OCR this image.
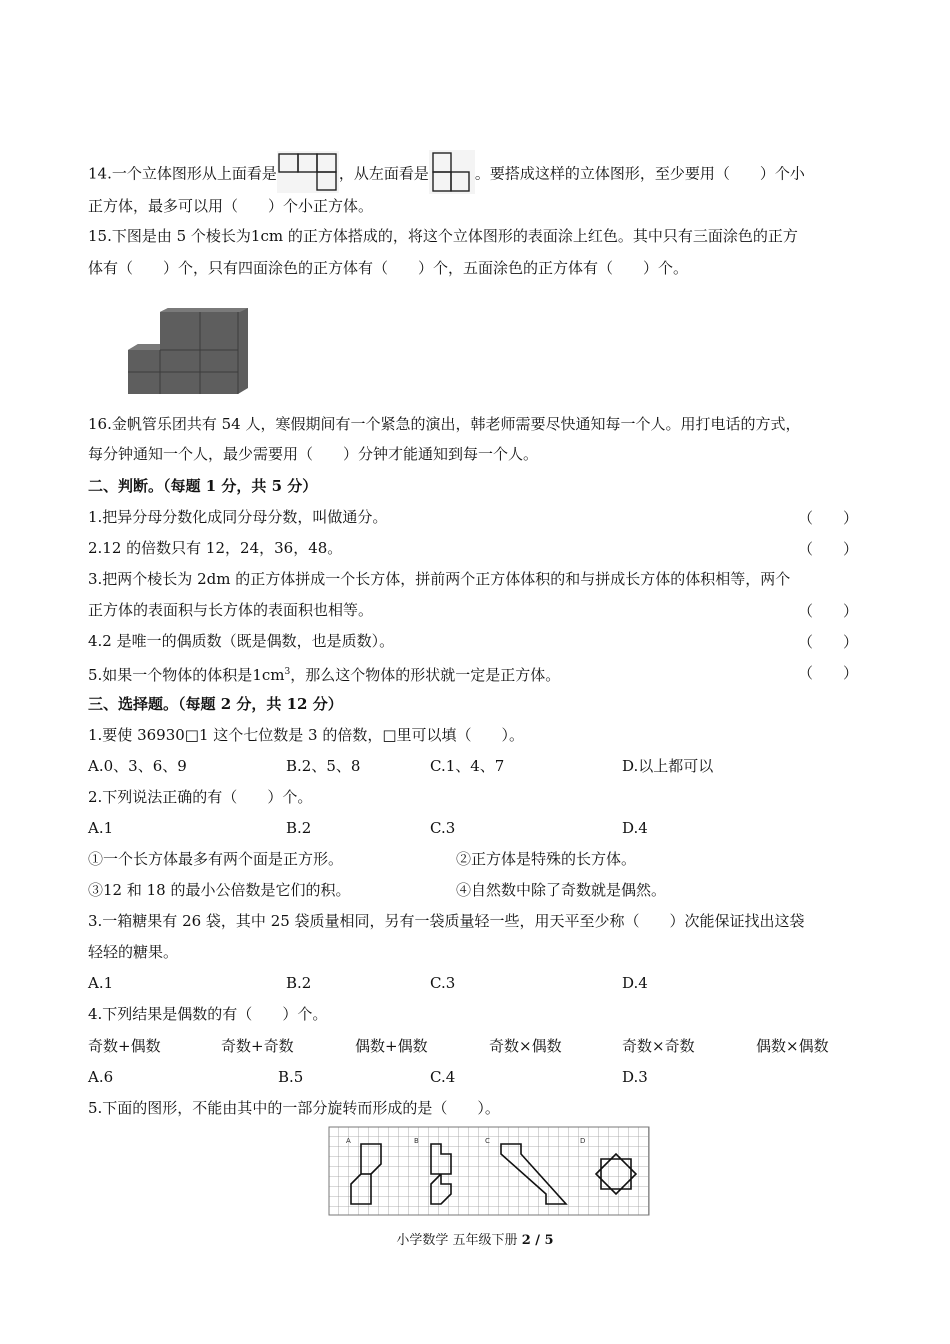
14.一个立体图形从上面看是	，从左面看是	。要搭成这样的立体图形，至少要用（　　）个小
正方体，最多可以用（　　）个小正方体。
15.下图是由 5 个棱长为1cm 的正方体搭成的，将这个立体图形的表面涂上红色。其中只有三面涂色的正方
体有（　　）个，只有四面涂色的正方体有（　　）个，五面涂色的正方体有（　　）个。
16.金帆管乐团共有 54 人，寒假期间有一个紧急的演出，韩老师需要尽快通知每一个人。用打电话的方式，
每分钟通知一个人，最少需要用（　　）分钟才能通知到每一个人。
二、判断。（每题 1 分，共 5 分）
1.把异分母分数化成同分母分数，叫做通分。	（　　）
2.12 的倍数只有 12，24，36，48。	（　　）
3.把两个棱长为 2dm 的正方体拼成一个长方体，拼前两个正方体体积的和与拼成长方体的体积相等，两个
正方体的表面积与长方体的表面积也相等。	（　　）
4.2 是唯一的偶质数（既是偶数，也是质数）。	（　　）
5.如果一个物体的体积是$1cm^3$，那么这个物体的形状就一定是正方体。	（　　）
三、选择题。（每题 2 分，共 12 分）
1.要使 36930□1 这个七位数是 3 的倍数，□里可以填（　　）。
A.0、3、6、9	B.2、5、8	C.1、4、7	D.以上都可以
2.下列说法正确的有（　　）个。
A.1	B.2	C.3	D.4
①一个长方体最多有两个面是正方形。	②正方体是特殊的长方体。
③12 和 18 的最小公倍数是它们的积。	④自然数中除了奇数就是偶然。
3.一箱糖果有 26 袋，其中 25 袋质量相同，另有一袋质量轻一些，用天平至少称（　　）次能保证找出这袋
轻轻的糖果。
A.1	B.2	C.3	D.4
4.下列结果是偶数的有（　　）个。
奇数+偶数	奇数+奇数	偶数+偶数	奇数×偶数	奇数×奇数	偶数×偶数
A.6	B.5	C.4	D.3
5.下面的图形，不能由其中的一部分旋转而形成的是（　　）。
A	B	C	D
小学数学 五年级下册 2 / 5
